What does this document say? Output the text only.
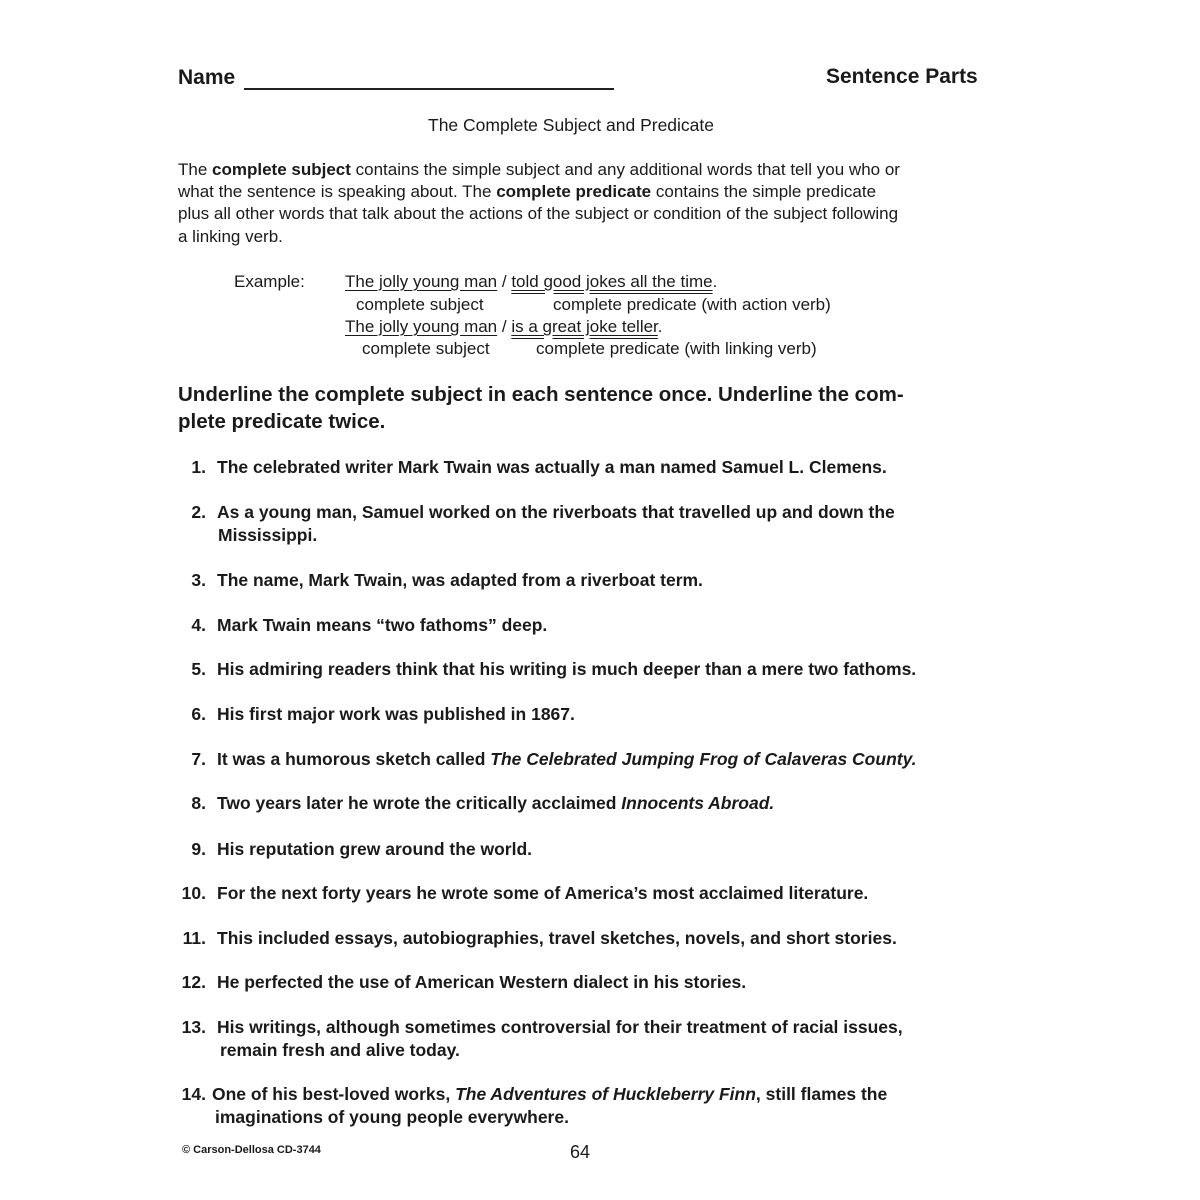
Name	Sentence Parts
The Complete Subject and Predicate
The complete subject contains the simple subject and any additional words that tell you who or
what the sentence is speaking about. The complete predicate contains the simple predicate
plus all other words that talk about the actions of the subject or condition of the subject following
a linking verb.
Example: The jolly young man / told good jokes all the time.
complete subject	complete predicate (with action verb)
The jolly young man / is a great joke teller.
complete subject	complete predicate (with linking verb)
Underline the complete subject in each sentence once. Underline the com-
plete predicate twice.
1. The celebrated writer Mark Twain was actually a man named Samuel L. Clemens.
2. As a young man, Samuel worked on the riverboats that travelled up and down the
Mississippi.
3. The name, Mark Twain, was adapted from a riverboat term.
4. Mark Twain means “two fathoms” deep.
5. His admiring readers think that his writing is much deeper than a mere two fathoms.
6. His first major work was published in 1867.
7. It was a humorous sketch called The Celebrated Jumping Frog of Calaveras County.
8. Two years later he wrote the critically acclaimed Innocents Abroad.
9. His reputation grew around the world.
10. For the next forty years he wrote some of America’s most acclaimed literature.
11. This included essays, autobiographies, travel sketches, novels, and short stories.
12. He perfected the use of American Western dialect in his stories.
13. His writings, although sometimes controversial for their treatment of racial issues,
remain fresh and alive today.
14. One of his best-loved works, The Adventures of Huckleberry Finn, still flames the
imaginations of young people everywhere.
© Carson-Dellosa CD-3744	64
